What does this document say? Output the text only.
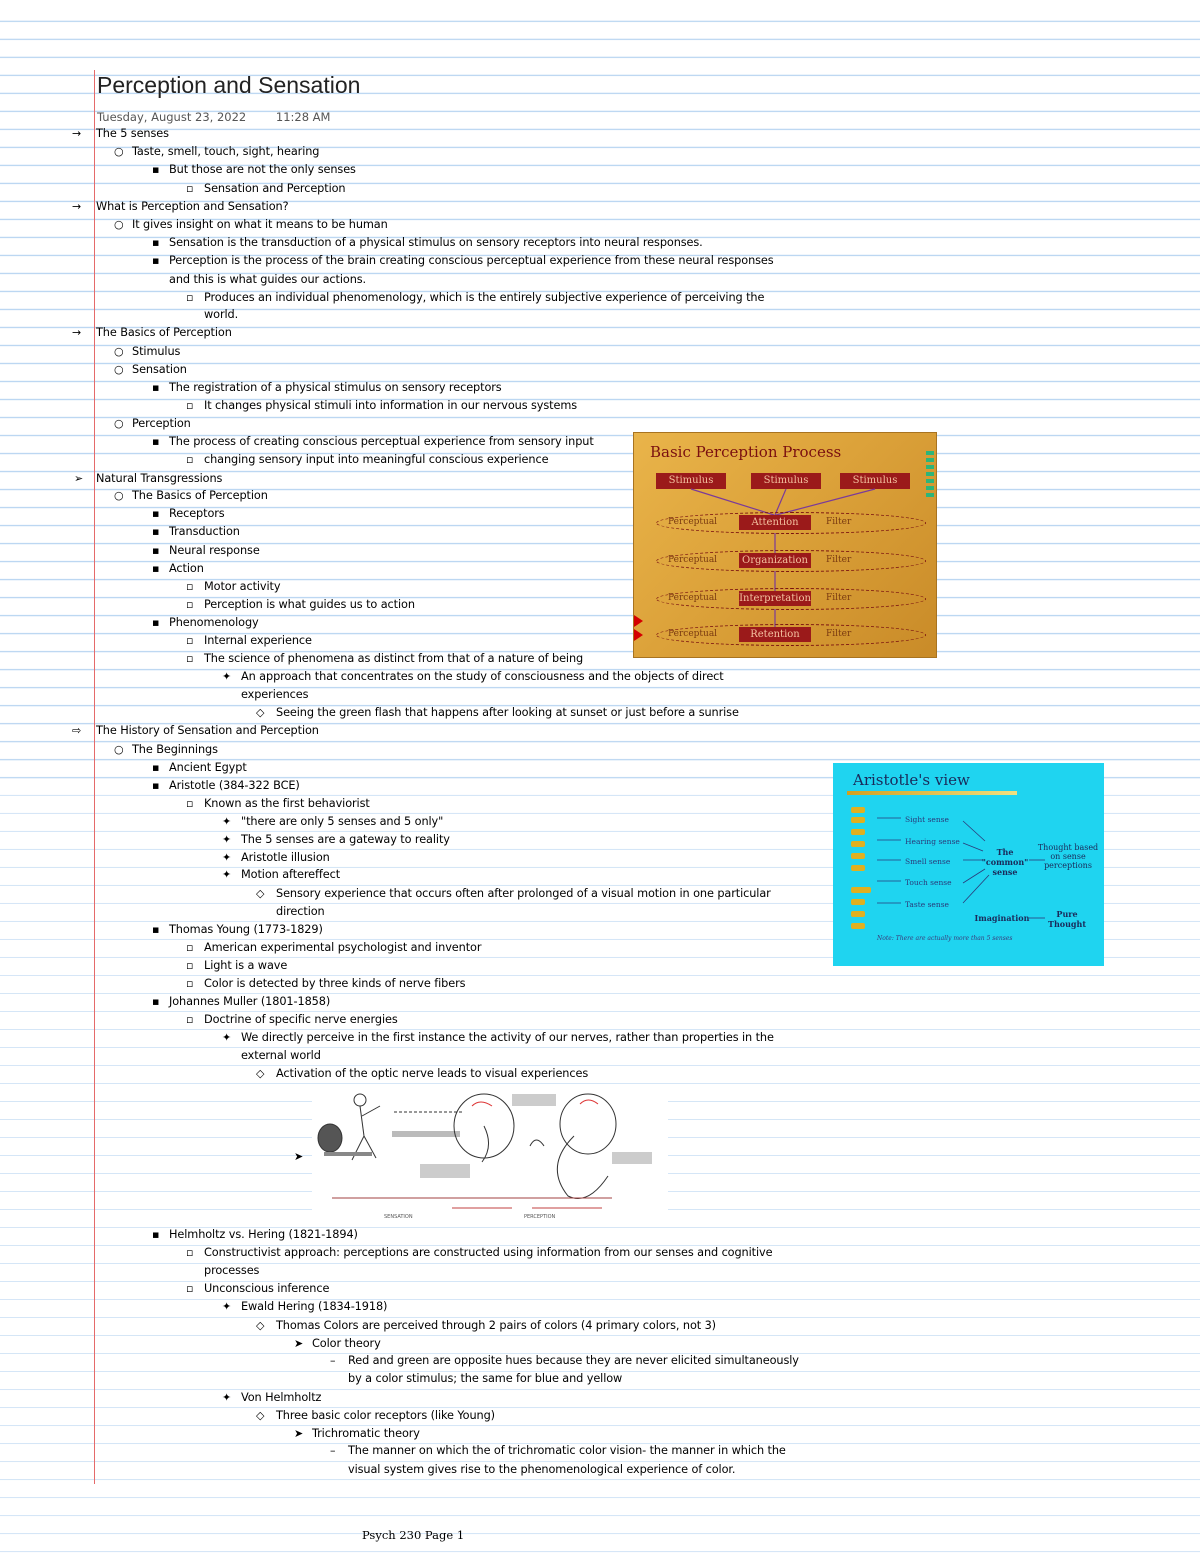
Perception and Sensation
Tuesday, August 23, 2022	11:28 AM
→ The 5 senses
○ Taste, smell, touch, sight, hearing
▪ But those are not the only senses
▫ Sensation and Perception
→ What is Perception and Sensation?
○ It gives insight on what it means to be human
▪ Sensation is the transduction of a physical stimulus on sensory receptors into neural responses.
▪ Perception is the process of the brain creating conscious perceptual experience from these neural responses
and this is what guides our actions.
▫ Produces an individual phenomenology, which is the entirely subjective experience of perceiving the
world.
→ The Basics of Perception
○ Stimulus
○ Sensation
▪ The registration of a physical stimulus on sensory receptors
▫ It changes physical stimuli into information in our nervous systems
○ Perception
▪ The process of creating conscious perceptual experience from sensory input
▫ changing sensory input into meaningful conscious experience
➢ Natural Transgressions
○ The Basics of Perception
▪ Receptors
▪ Transduction
▪ Neural response
▪ Action
▫ Motor activity
▫ Perception is what guides us to action
▪ Phenomenology
▫ Internal experience
▫ The science of phenomena as distinct from that of a nature of being
✦ An approach that concentrates on the study of consciousness and the objects of direct
experiences
◇ Seeing the green flash that happens after looking at sunset or just before a sunrise
⇨ The History of Sensation and Perception
○ The Beginnings
▪ Ancient Egypt
▪ Aristotle (384-322 BCE)
▫ Known as the first behaviorist
✦ "there are only 5 senses and 5 only"
✦ The 5 senses are a gateway to reality
✦ Aristotle illusion
✦ Motion aftereffect
◇ Sensory experience that occurs often after prolonged of a visual motion in one particular
direction
▪ Thomas Young (1773-1829)
▫ American experimental psychologist and inventor
▫ Light is a wave
▫ Color is detected by three kinds of nerve fibers
▪ Johannes Muller (1801-1858)
▫ Doctrine of specific nerve energies
✦ We directly perceive in the first instance the activity of our nerves, rather than properties in the
external world
◇ Activation of the optic nerve leads to visual experiences
➤
▪ Helmholtz vs. Hering (1821-1894)
▫ Constructivist approach: perceptions are constructed using information from our senses and cognitive
processes
▫ Unconscious inference
✦ Ewald Hering (1834-1918)
◇ Thomas Colors are perceived through 2 pairs of colors (4 primary colors, not 3)
➤ Color theory
– Red and green are opposite hues because they are never elicited simultaneously
by a color stimulus; the same for blue and yellow
✦ Von Helmholtz
◇ Three basic color receptors (like Young)
➤ Trichromatic theory
– The manner on which the of trichromatic color vision- the manner in which the
visual system gives rise to the phenomenological experience of color.
Basic Perception Process
Stimulus	Stimulus	Stimulus
Perceptual	Attention	Filter
Perceptual	Organization	Filter
Perceptual Interpretation Filter
Perceptual	Retention	Filter
Aristotle's view
Sight sense
Hearing sense
Smell sense
Touch sense
Taste sense
The "common" sense
Thought based on sense perceptions
Imagination	Pure Thought
Note: There are actually more than 5 senses
SENSATION	PERCEPTION
Psych 230 Page 1
